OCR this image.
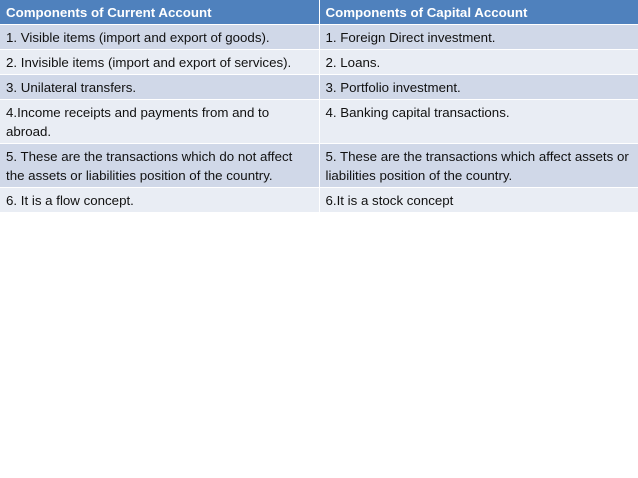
Components of Current Account	Components of Capital Account
1. Visible items (import and export of goods).	1. Foreign Direct investment.
2. Invisible items (import and export of services).	2. Loans.
3. Unilateral transfers.	3. Portfolio investment.
4.Income receipts and payments from and to abroad.	4. Banking capital transactions.
5. These are the transactions which do not affect the assets or liabilities position of the country.	5. These are the transactions which affect assets or liabilities position of the country.
6. It is a flow concept.	6.It is a stock concept
